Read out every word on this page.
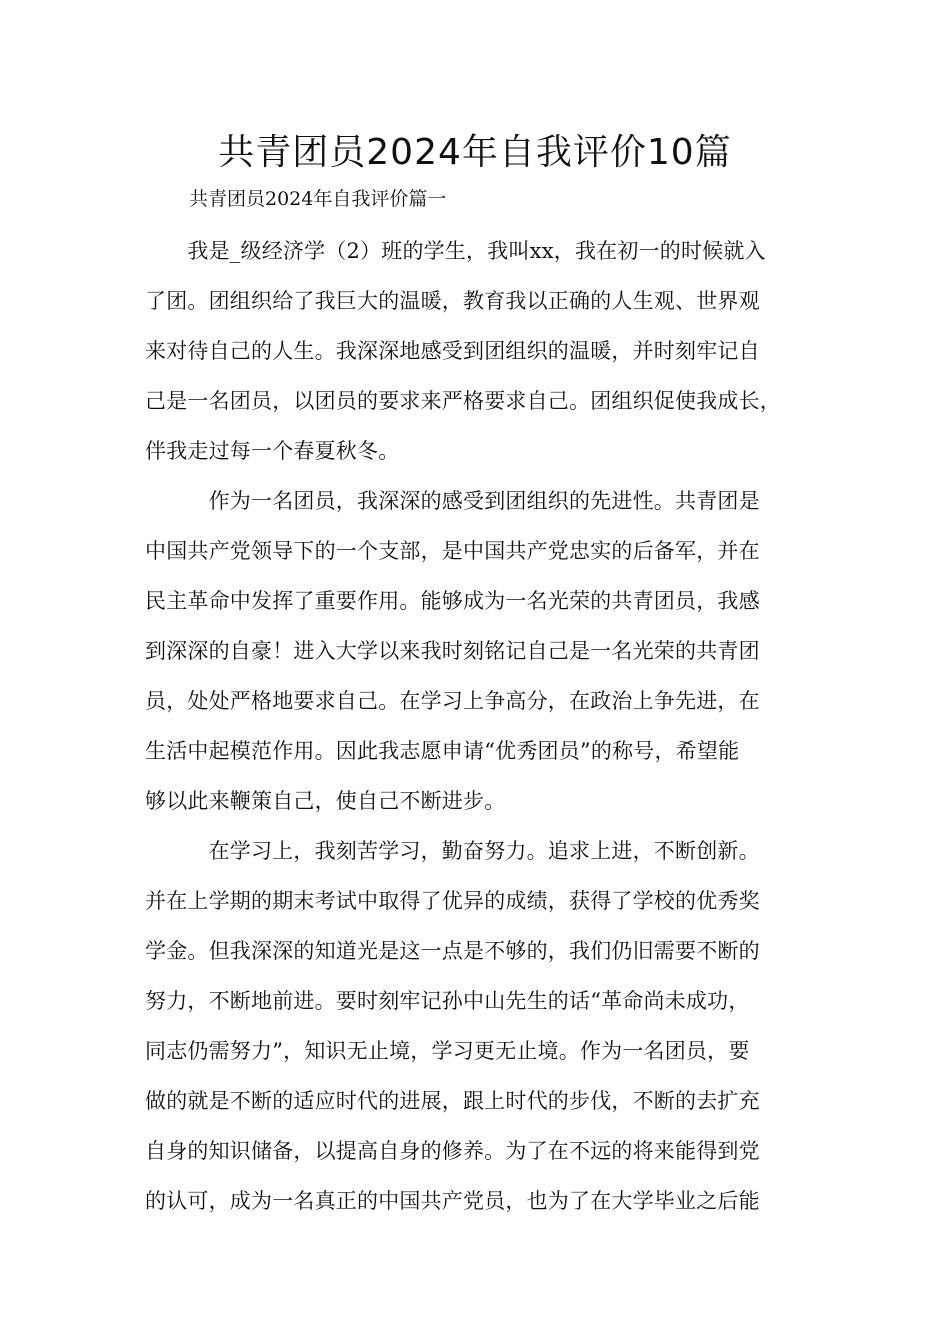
共青团员2024年自我评价10篇
共青团员2024年自我评价篇一
　　我是_级经济学（2）班的学生，我叫xx，我在初一的时候就入
了团。团组织给了我巨大的温暖，教育我以正确的人生观、世界观
来对待自己的人生。我深深地感受到团组织的温暖，并时刻牢记自
己是一名团员，以团员的要求来严格要求自己。团组织促使我成长，
伴我走过每一个春夏秋冬。
　　　作为一名团员，我深深的感受到团组织的先进性。共青团是
中国共产党领导下的一个支部，是中国共产党忠实的后备军，并在
民主革命中发挥了重要作用。能够成为一名光荣的共青团员，我感
到深深的自豪！进入大学以来我时刻铭记自己是一名光荣的共青团
员，处处严格地要求自己。在学习上争高分，在政治上争先进，在
生活中起模范作用。因此我志愿申请“优秀团员”的称号，希望能
够以此来鞭策自己，使自己不断进步。
　　　在学习上，我刻苦学习，勤奋努力。追求上进，不断创新。
并在上学期的期末考试中取得了优异的成绩，获得了学校的优秀奖
学金。但我深深的知道光是这一点是不够的，我们仍旧需要不断的
努力，不断地前进。要时刻牢记孙中山先生的话“革命尚未成功，
同志仍需努力”，知识无止境，学习更无止境。作为一名团员，要
做的就是不断的适应时代的进展，跟上时代的步伐，不断的去扩充
自身的知识储备，以提高自身的修养。为了在不远的将来能得到党
的认可，成为一名真正的中国共产党员，也为了在大学毕业之后能
